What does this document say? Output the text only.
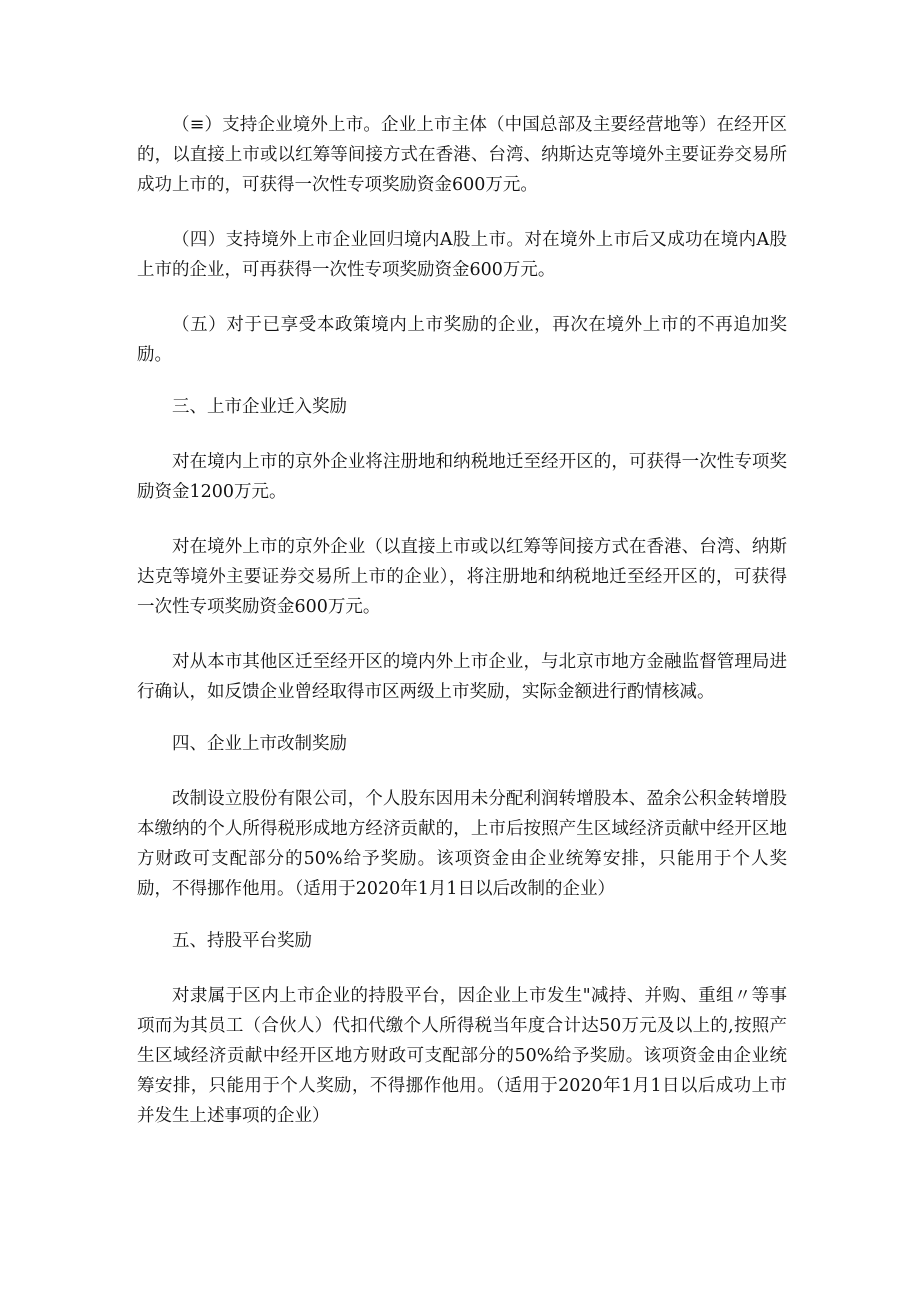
（≡）支持企业境外上市。企业上市主体（中国总部及主要经营地等）在经开区的，以直接上市或以红筹等间接方式在香港、台湾、纳斯达克等境外主要证券交易所成功上市的，可获得一次性专项奖励资金600万元。

（四）支持境外上市企业回归境内A股上市。对在境外上市后又成功在境内A股上市的企业，可再获得一次性专项奖励资金600万元。

（五）对于已享受本政策境内上市奖励的企业，再次在境外上市的不再追加奖励。

三、上市企业迁入奖励

对在境内上市的京外企业将注册地和纳税地迁至经开区的，可获得一次性专项奖励资金1200万元。

对在境外上市的京外企业（以直接上市或以红筹等间接方式在香港、台湾、纳斯达克等境外主要证券交易所上市的企业），将注册地和纳税地迁至经开区的，可获得一次性专项奖励资金600万元。

对从本市其他区迁至经开区的境内外上市企业，与北京市地方金融监督管理局进行确认，如反馈企业曾经取得市区两级上市奖励，实际金额进行酌情核减。

四、企业上市改制奖励

改制设立股份有限公司，个人股东因用未分配利润转增股本、盈余公积金转增股本缴纳的个人所得税形成地方经济贡献的，上市后按照产生区域经济贡献中经开区地方财政可支配部分的50%给予奖励。该项资金由企业统筹安排，只能用于个人奖励，不得挪作他用。（适用于2020年1月1日以后改制的企业）

五、持股平台奖励

对隶属于区内上市企业的持股平台，因企业上市发生"减持、并购、重组〃等事项而为其员工（合伙人）代扣代缴个人所得税当年度合计达50万元及以上的,按照产生区域经济贡献中经开区地方财政可支配部分的50%给予奖励。该项资金由企业统筹安排，只能用于个人奖励，不得挪作他用。（适用于2020年1月1日以后成功上市并发生上述事项的企业）
